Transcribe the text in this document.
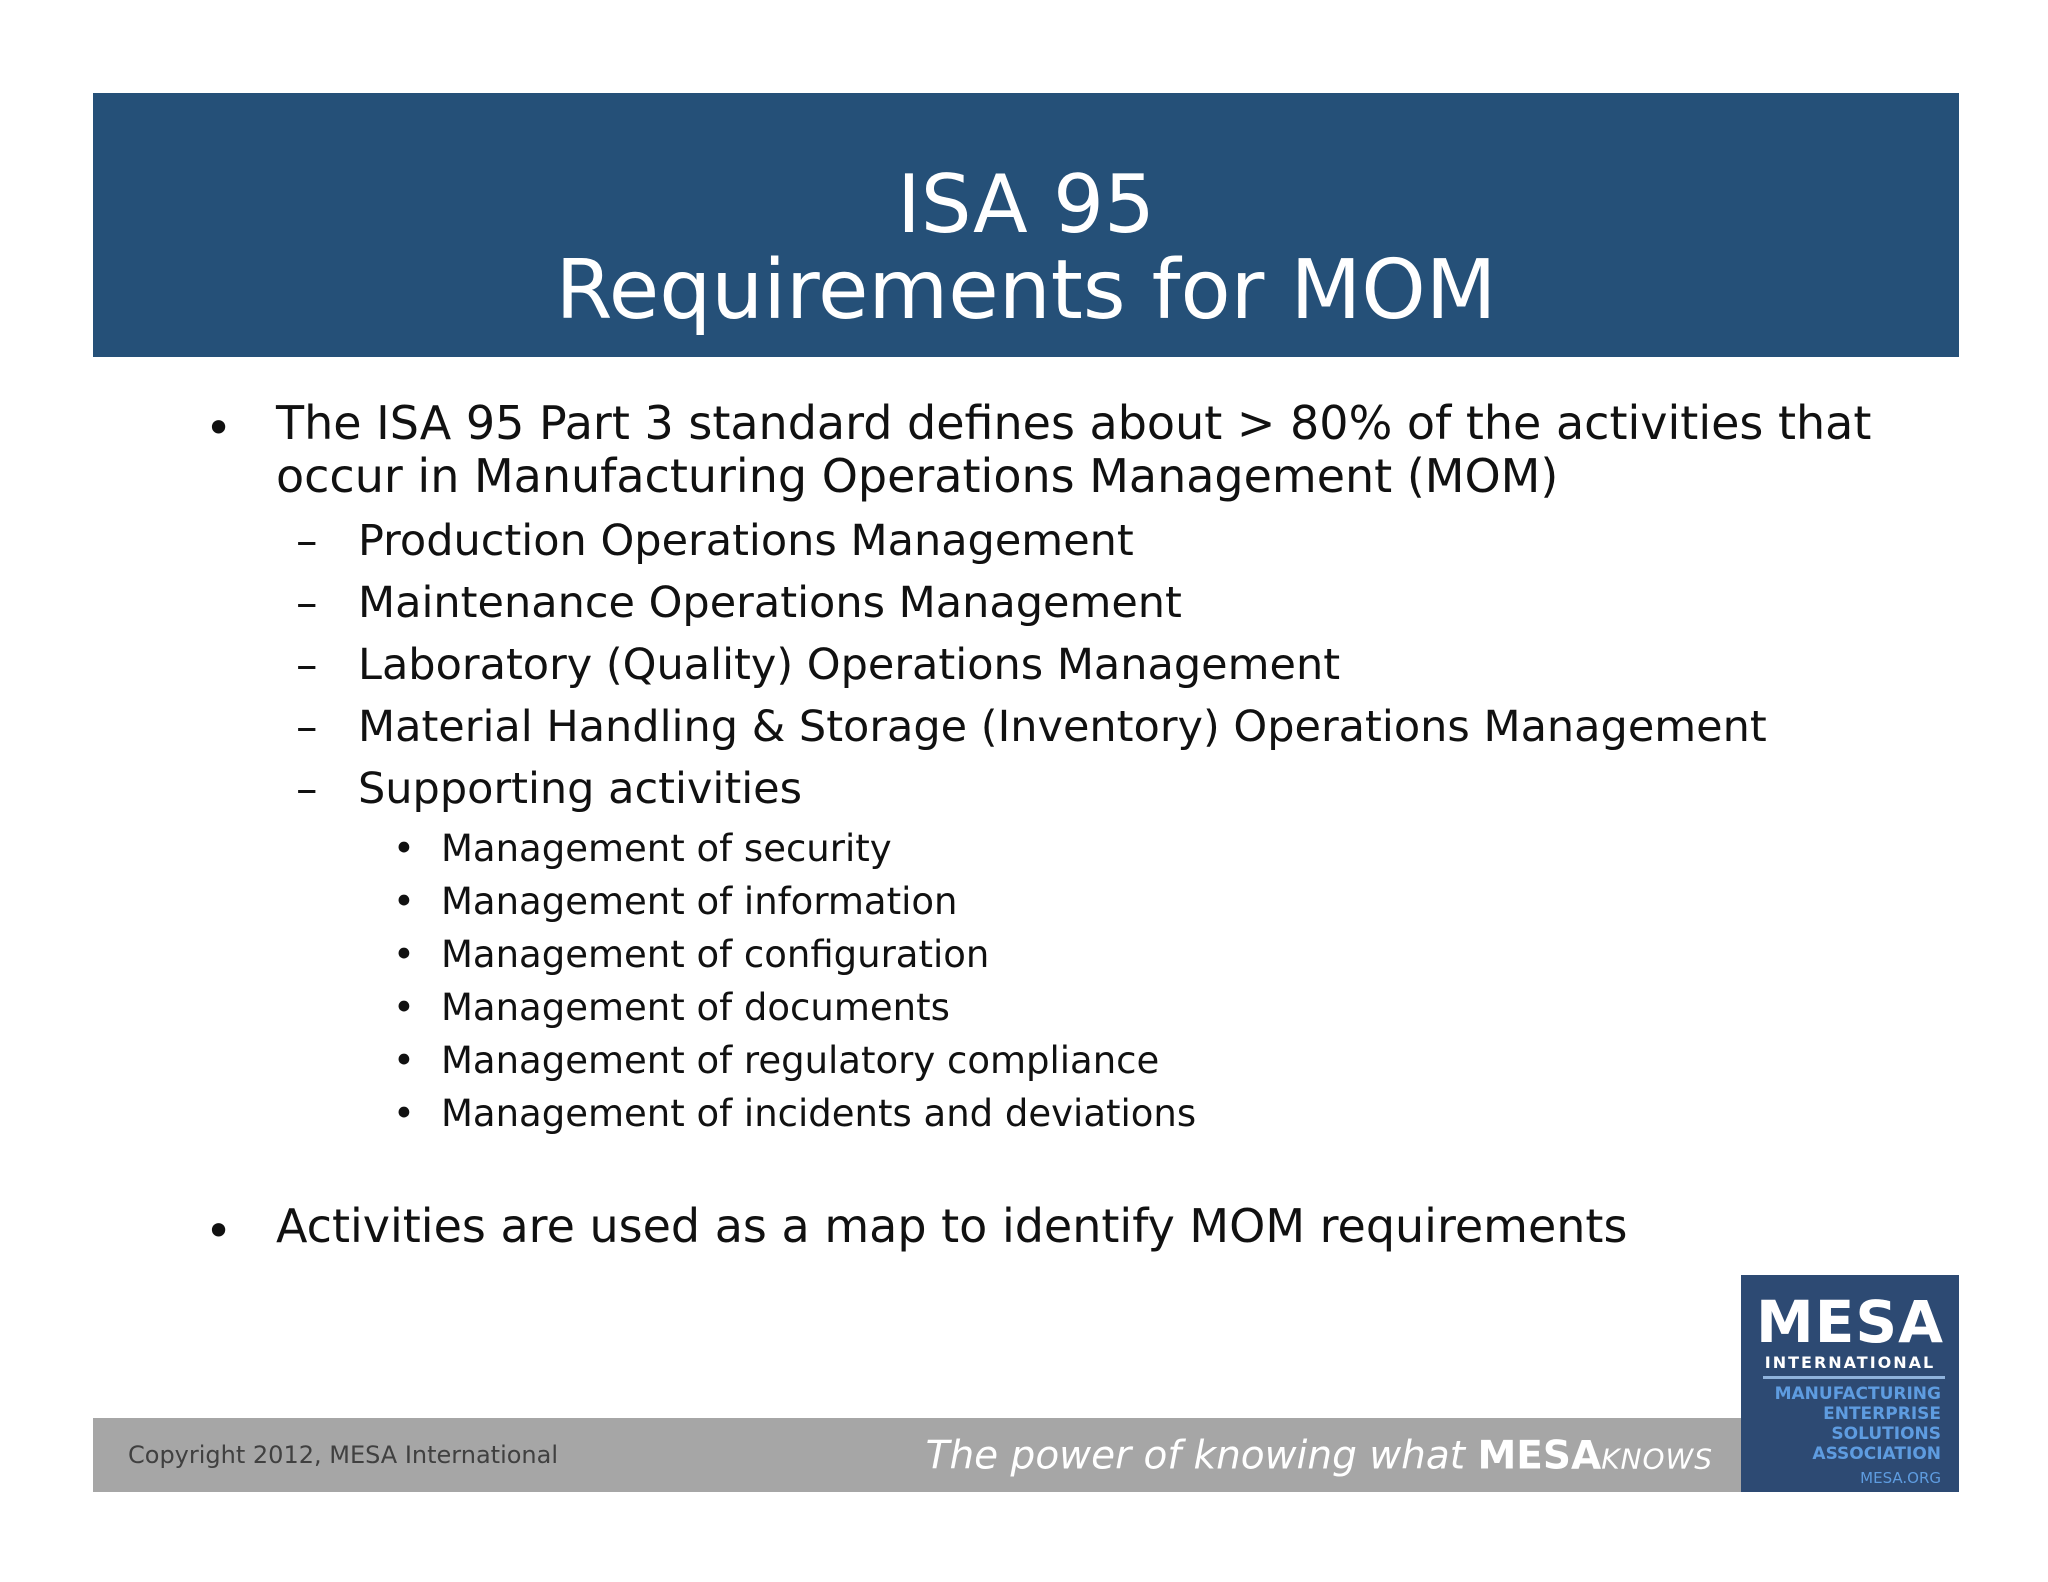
ISA 95
Requirements for MOM
• The ISA 95 Part 3 standard defines about > 80% of the activities that
occur in Manufacturing Operations Management (MOM)
– Production Operations Management
– Maintenance Operations Management
– Laboratory (Quality) Operations Management
– Material Handling & Storage (Inventory) Operations Management
– Supporting activities
• Management of security
• Management of information
• Management of configuration
• Management of documents
• Management of regulatory compliance
• Management of incidents and deviations
• Activities are used as a map to identify MOM requirements
Copyright 2012, MESA International	The power of knowing what MESAKNOWS
MESA
INTERNATIONAL
MANUFACTURING
ENTERPRISE
SOLUTIONS
ASSOCIATION
MESA.ORG
